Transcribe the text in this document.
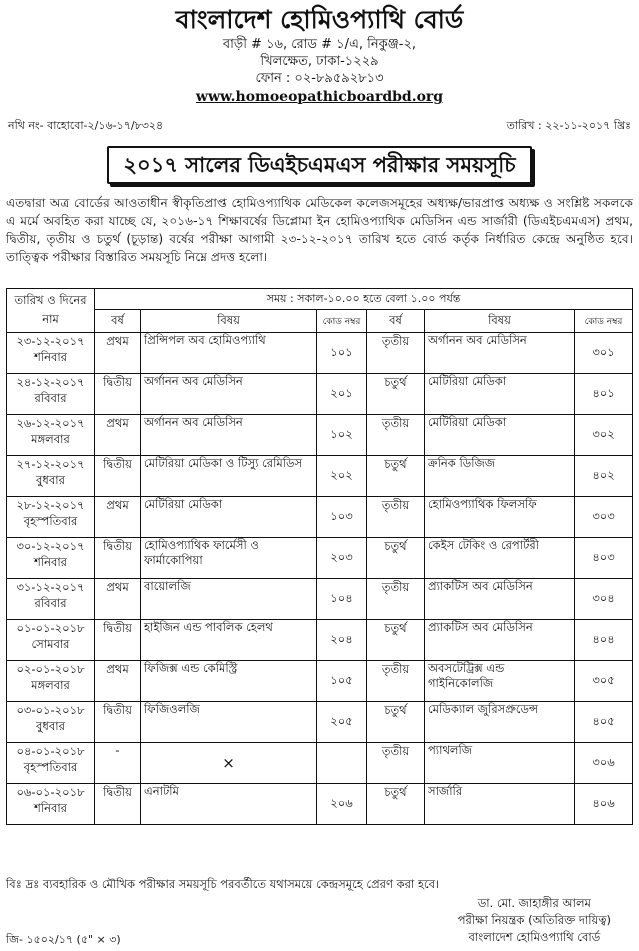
বাংলাদেশ হোমিওপ্যাথি বোর্ড
বাড়ী # ১৬, রোড # ১/এ, নিকুঞ্জ-২,
খিলক্ষেত, ঢাকা-১২২৯
ফোন : ০২-৮৯৫৯২৮১৩
www.homoeopathicboardbd.org
নথি নং- বাহোবো-২/১৬-১৭/৮৩২৪	তারিখ : ২২-১১-২০১৭ খ্রিঃ
২০১৭ সালের ডিএইচএমএস পরীক্ষার সময়সূচি
এতদ্বারা অত্র বোর্ডের আওতাধীন স্বীকৃতিপ্রাপ্ত হোমিওপ্যাথিক মেডিকেল কলেজসমূহের অধ্যক্ষ/ভারপ্রাপ্ত অধ্যক্ষ ও সংশ্লিষ্ট সকলকে এ মর্মে অবহিত করা যাচ্ছে যে, ২০১৬-১৭ শিক্ষাবর্ষের ডিপ্লোমা ইন হোমিওপ্যাথিক মেডিসিন এন্ড সার্জারী (ডিএইচএমএস) প্রথম, দ্বিতীয়, তৃতীয় ও চতুর্থ (চূড়ান্ত) বর্ষের পরীক্ষা আগামী ২৩-১২-২০১৭ তারিখ হতে বোর্ড কর্তৃক নির্ধারিত কেন্দ্রে অনুষ্ঠিত হবে। তাত্ত্বিক পরীক্ষার বিস্তারিত সময়সূচি নিম্নে প্রদত্ত হলো।
তারিখ ও দিনের নাম	সময় : সকাল-১০.০০ হতে বেলা ১.০০ পর্যন্ত					
	বর্ষ	বিষয়	কোড নম্বর	বর্ষ	বিষয়	কোড নম্বর

২৩-১২-২০১৭
শনিবার	প্রথম	প্রিন্সিপল অব হোমিওপ্যাথি	১০১	তৃতীয়	অর্গানন অব মেডিসিন	৩০১

২৪-১২-২০১৭
রবিবার	দ্বিতীয়	অর্গানন অব মেডিসিন	২০১	চতুর্থ	মেটিরিয়া মেডিকা	৪০১

২৬-১২-২০১৭
মঙ্গলবার	প্রথম	অর্গানন অব মেডিসিন	১০২	তৃতীয়	মেটিরিয়া মেডিকা	৩০২

২৭-১২-২০১৭
বুধবার	দ্বিতীয়	মেটিরিয়া মেডিকা ও টিস্যু রেমিডিস	২০২	চতুর্থ	ক্রনিক ডিজিজ	৪০২

২৮-১২-২০১৭
বৃহস্পতিবার	প্রথম	মেটিরিয়া মেডিকা	১০৩	তৃতীয়	হোমিওপ্যাথিক ফিলসফি	৩০৩

৩০-১২-২০১৭
শনিবার	দ্বিতীয়	হোমিওপ্যাথিক ফার্মেসী ও ফার্মাকোপিয়া	২০৩	চতুর্থ	কেইস টেকিং ও রেপার্টরী	৪০৩

৩১-১২-২০১৭
রবিবার	প্রথম	বায়োলজি	১০৪	তৃতীয়	প্র্যাকটিস অব মেডিসিন	৩০৪

০১-০১-২০১৮
সোমবার	দ্বিতীয়	হাইজিন এন্ড পাবলিক হেলথ	২০৪	চতুর্থ	প্র্যাকটিস অব মেডিসিন	৪০৪

০২-০১-২০১৮
মঙ্গলবার	প্রথম	ফিজিক্স এন্ড কেমিস্ট্রি	১০৫	তৃতীয়	অবসটেট্রিক্স এন্ড গাইনিকোলজি	৩০৫

০৩-০১-২০১৮
বুধবার	দ্বিতীয়	ফিজিওলজি	২০৫	চতুর্থ	মেডিক্যাল জুরিসপ্রুডেন্স	৪০৫

০৪-০১-২০১৮
বৃহস্পতিবার	-	×		তৃতীয়	প্যাথলজি	৩০৬

০৬-০১-২০১৮
শনিবার	দ্বিতীয়	এনাটমি	২০৬	চতুর্থ	সার্জারি	৪০৬
বিঃ দ্রঃ ব্যবহারিক ও মৌখিক পরীক্ষার সময়সূচি পরবর্তীতে যথাসময়ে কেন্দ্রসমূহে প্রেরণ করা হবে।
ডা. মো. জাহাঙ্গীর আলম
পরীক্ষা নিয়ন্ত্রক (অতিরিক্ত দায়িত্ব)
বাংলাদেশ হোমিওপ্যাথি বোর্ড
জি- ১৫০২/১৭ (৫" × ৩)
